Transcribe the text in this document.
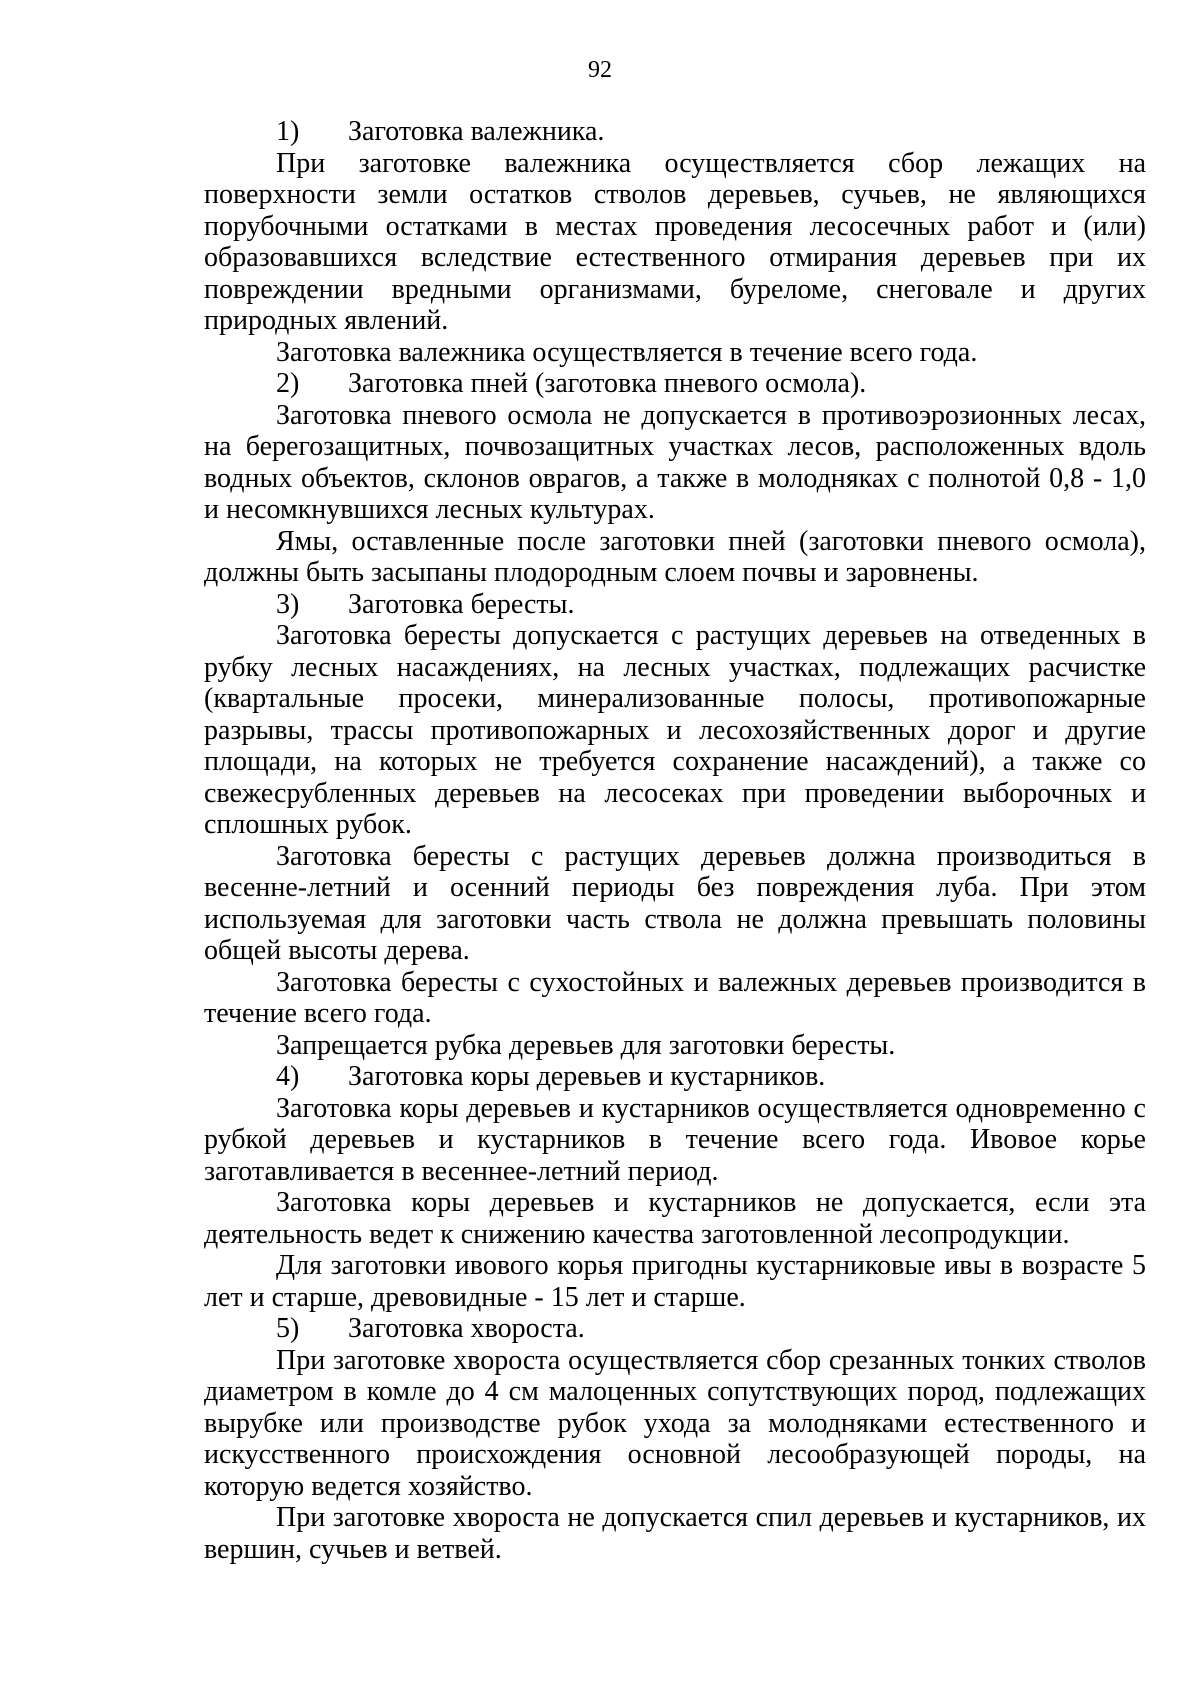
92
1) Заготовка валежника.

При заготовке валежника осуществляется сбор лежащих на поверхности земли остатков стволов деревьев, сучьев, не являющихся порубочными остатками в местах проведения лесосечных работ и (или) образовавшихся вследствие естественного отмирания деревьев при их повреждении вредными организмами, буреломе, снеговале и других природных явлений.

Заготовка валежника осуществляется в течение всего года.

2) Заготовка пней (заготовка пневого осмола).

Заготовка пневого осмола не допускается в противоэрозионных лесах, на берегозащитных, почвозащитных участках лесов, расположенных вдоль водных объектов, склонов оврагов, а также в молодняках с полнотой 0,8 - 1,0 и несомкнувшихся лесных культурах.

Ямы, оставленные после заготовки пней (заготовки пневого осмола), должны быть засыпаны плодородным слоем почвы и заровнены.

3) Заготовка бересты.

Заготовка бересты допускается с растущих деревьев на отведенных в рубку лесных насаждениях, на лесных участках, подлежащих расчистке (квартальные просеки, минерализованные полосы, противопожарные разрывы, трассы противопожарных и лесохозяйственных дорог и другие площади, на которых не требуется сохранение насаждений), а также со свежесрубленных деревьев на лесосеках при проведении выборочных и сплошных рубок.

Заготовка бересты с растущих деревьев должна производиться в весенне-летний и осенний периоды без повреждения луба. При этом используемая для заготовки часть ствола не должна превышать половины общей высоты дерева.

Заготовка бересты с сухостойных и валежных деревьев производится в течение всего года.

Запрещается рубка деревьев для заготовки бересты.

4) Заготовка коры деревьев и кустарников.

Заготовка коры деревьев и кустарников осуществляется одновременно с рубкой деревьев и кустарников в течение всего года. Ивовое корье заготавливается в весеннее-летний период.

Заготовка коры деревьев и кустарников не допускается, если эта деятельность ведет к снижению качества заготовленной лесопродукции.

Для заготовки ивового корья пригодны кустарниковые ивы в возрасте 5 лет и старше, древовидные - 15 лет и старше.

5) Заготовка хвороста.

При заготовке хвороста осуществляется сбор срезанных тонких стволов диаметром в комле до 4 см малоценных сопутствующих пород, подлежащих вырубке или производстве рубок ухода за молодняками естественного и искусственного происхождения основной лесообразующей породы, на которую ведется хозяйство.

При заготовке хвороста не допускается спил деревьев и кустарников, их вершин, сучьев и ветвей.
